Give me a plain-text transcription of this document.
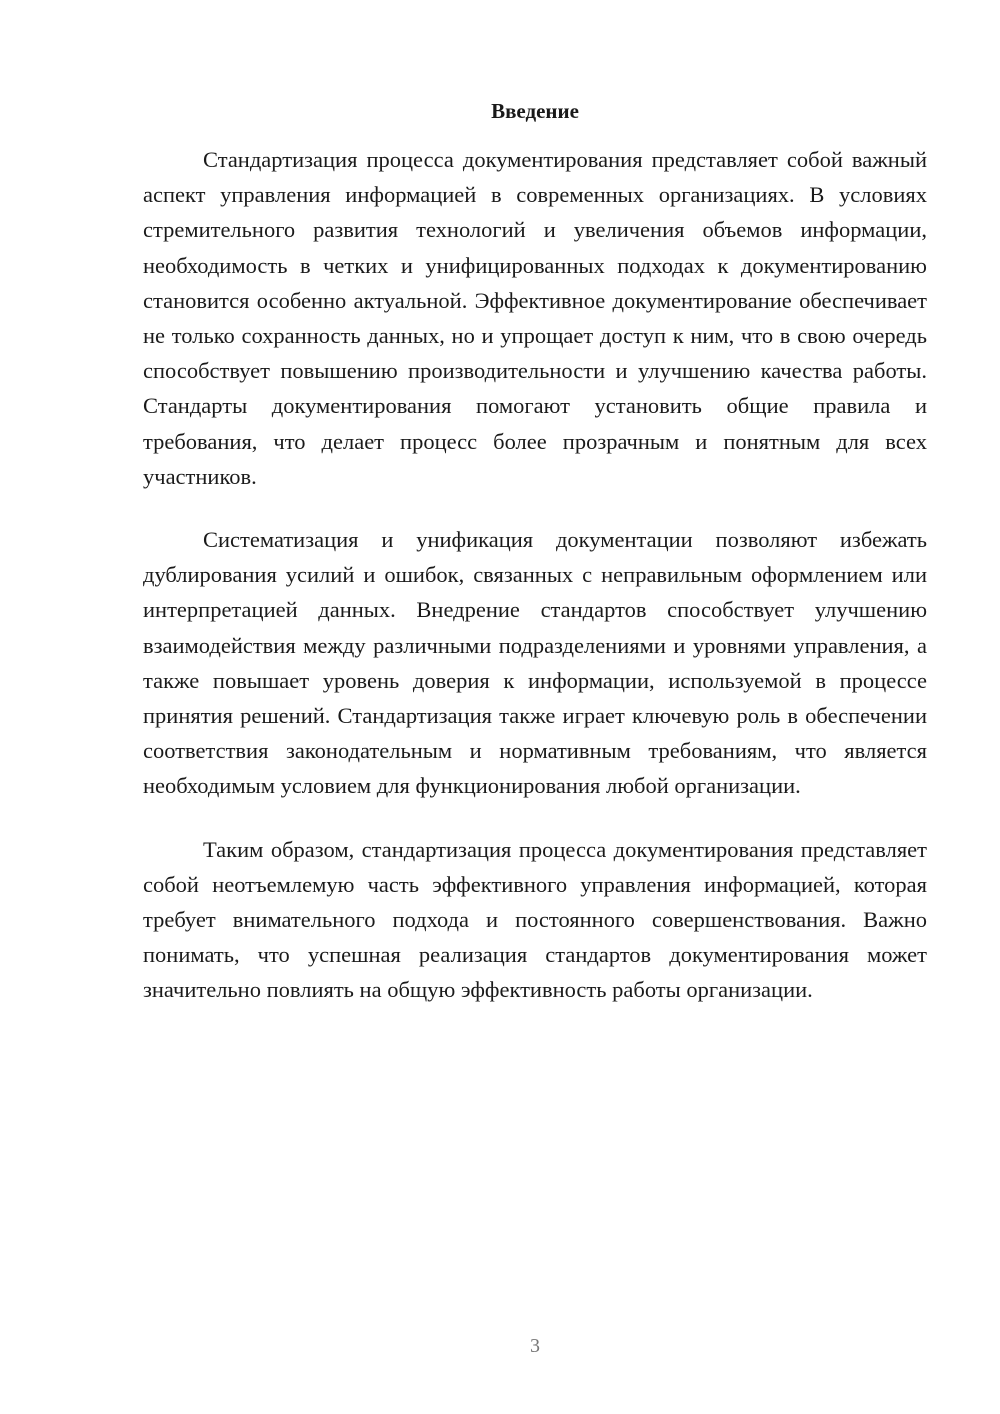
Введение

Стандартизация процесса документирования представляет собой важный аспект управления информацией в современных организациях. В условиях стремительного развития технологий и увеличения объемов информации, необходимость в четких и унифицированных подходах к документированию становится особенно актуальной. Эффективное документирование обеспечивает не только сохранность данных, но и упрощает доступ к ним, что в свою очередь способствует повышению производительности и улучшению качества работы. Стандарты документирования помогают установить общие правила и требования, что делает процесс более прозрачным и понятным для всех участников.

Систематизация и унификация документации позволяют избежать дублирования усилий и ошибок, связанных с неправильным оформлением или интерпретацией данных. Внедрение стандартов способствует улучшению взаимодействия между различными подразделениями и уровнями управления, а также повышает уровень доверия к информации, используемой в процессе принятия решений. Стандартизация также играет ключевую роль в обеспечении соответствия законодательным и нормативным требованиям, что является необходимым условием для функционирования любой организации.

Таким образом, стандартизация процесса документирования представляет собой неотъемлемую часть эффективного управления информацией, которая требует внимательного подхода и постоянного совершенствования. Важно понимать, что успешная реализация стандартов документирования может значительно повлиять на общую эффективность работы организации.

3
